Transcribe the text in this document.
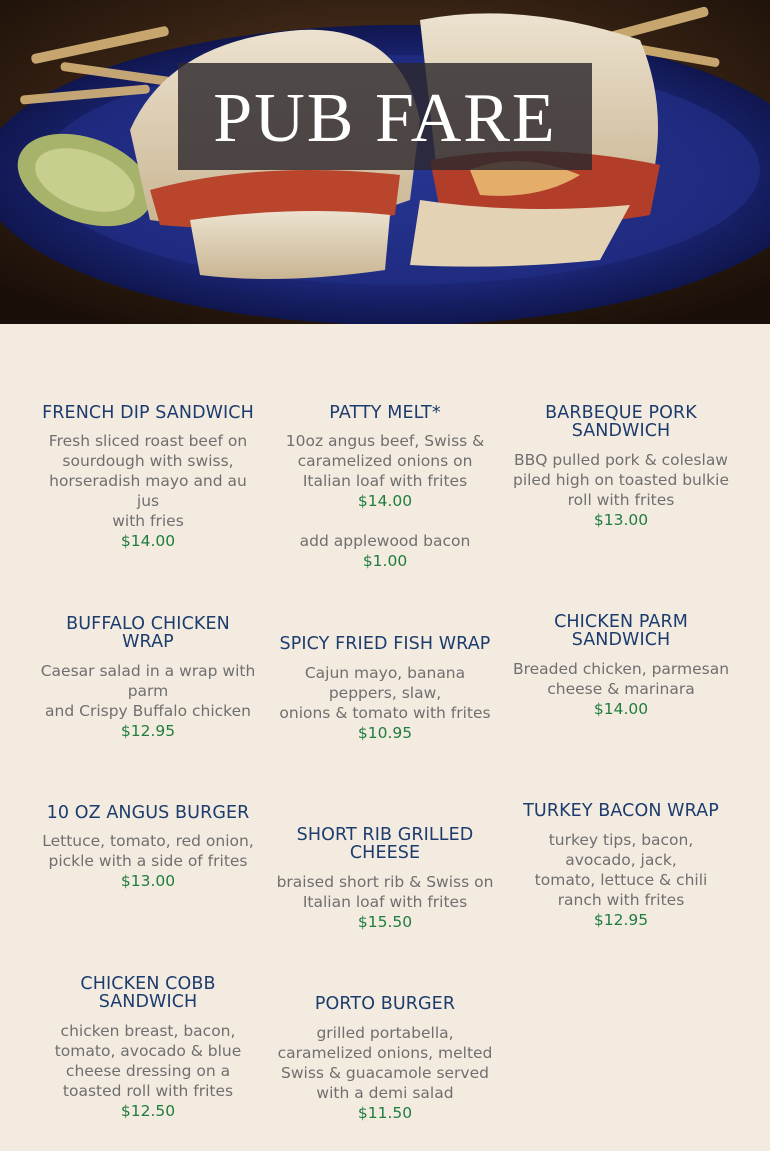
PUB FARE
FRENCH DIP SANDWICH
Fresh sliced roast beef on sourdough with swiss, horseradish mayo and au jus
with fries
$14.00
PATTY MELT*
10oz angus beef, Swiss & caramelized onions on Italian loaf with frites
$14.00
add applewood bacon
$1.00
BARBEQUE PORK SANDWICH
BBQ pulled pork & coleslaw piled high on toasted bulkie roll with frites
$13.00
BUFFALO CHICKEN WRAP
Caesar salad in a wrap with parm
and Crispy Buffalo chicken
$12.95
SPICY FRIED FISH WRAP
Cajun mayo, banana peppers, slaw,
onions & tomato with frites
$10.95
CHICKEN PARM SANDWICH
Breaded chicken, parmesan cheese & marinara
$14.00
10 OZ ANGUS BURGER
Lettuce, tomato, red onion, pickle with a side of frites
$13.00
SHORT RIB GRILLED CHEESE
braised short rib & Swiss on Italian loaf with frites
$15.50
TURKEY BACON WRAP
turkey tips, bacon, avocado, jack,
tomato, lettuce & chili ranch with frites
$12.95
CHICKEN COBB SANDWICH
chicken breast, bacon, tomato, avocado & blue cheese dressing on a toasted roll with frites
$12.50
PORTO BURGER
grilled portabella, caramelized onions, melted Swiss & guacamole served with a demi salad
$11.50
